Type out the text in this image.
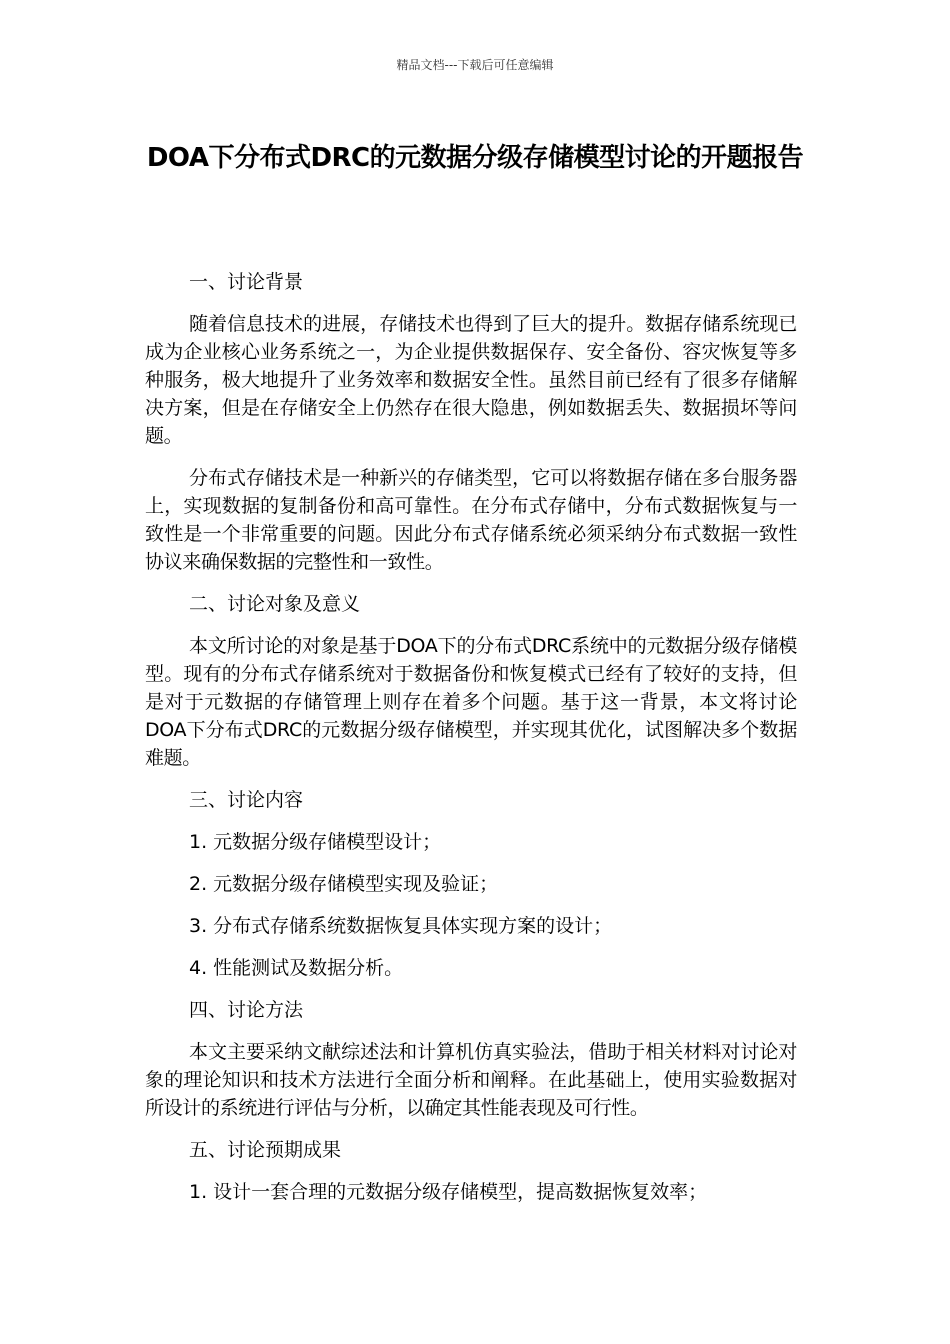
精品文档---下载后可任意编辑
DOA下分布式DRC的元数据分级存储模型讨论的开题报告

一、讨论背景

随着信息技术的进展，存储技术也得到了巨大的提升。数据存储系统现已成为企业核心业务系统之一，为企业提供数据保存、安全备份、容灾恢复等多种服务，极大地提升了业务效率和数据安全性。虽然目前已经有了很多存储解决方案，但是在存储安全上仍然存在很大隐患，例如数据丢失、数据损坏等问题。

分布式存储技术是一种新兴的存储类型，它可以将数据存储在多台服务器上，实现数据的复制备份和高可靠性。在分布式存储中，分布式数据恢复与一致性是一个非常重要的问题。因此分布式存储系统必须采纳分布式数据一致性协议来确保数据的完整性和一致性。

二、讨论对象及意义

本文所讨论的对象是基于DOA下的分布式DRC系统中的元数据分级存储模型。现有的分布式存储系统对于数据备份和恢复模式已经有了较好的支持，但是对于元数据的存储管理上则存在着多个问题。基于这一背景，本文将讨论DOA下分布式DRC的元数据分级存储模型，并实现其优化，试图解决多个数据难题。

三、讨论内容

1. 元数据分级存储模型设计；

2. 元数据分级存储模型实现及验证；

3. 分布式存储系统数据恢复具体实现方案的设计；

4. 性能测试及数据分析。

四、讨论方法

本文主要采纳文献综述法和计算机仿真实验法，借助于相关材料对讨论对象的理论知识和技术方法进行全面分析和阐释。在此基础上，使用实验数据对所设计的系统进行评估与分析，以确定其性能表现及可行性。

五、讨论预期成果

1. 设计一套合理的元数据分级存储模型，提高数据恢复效率；
